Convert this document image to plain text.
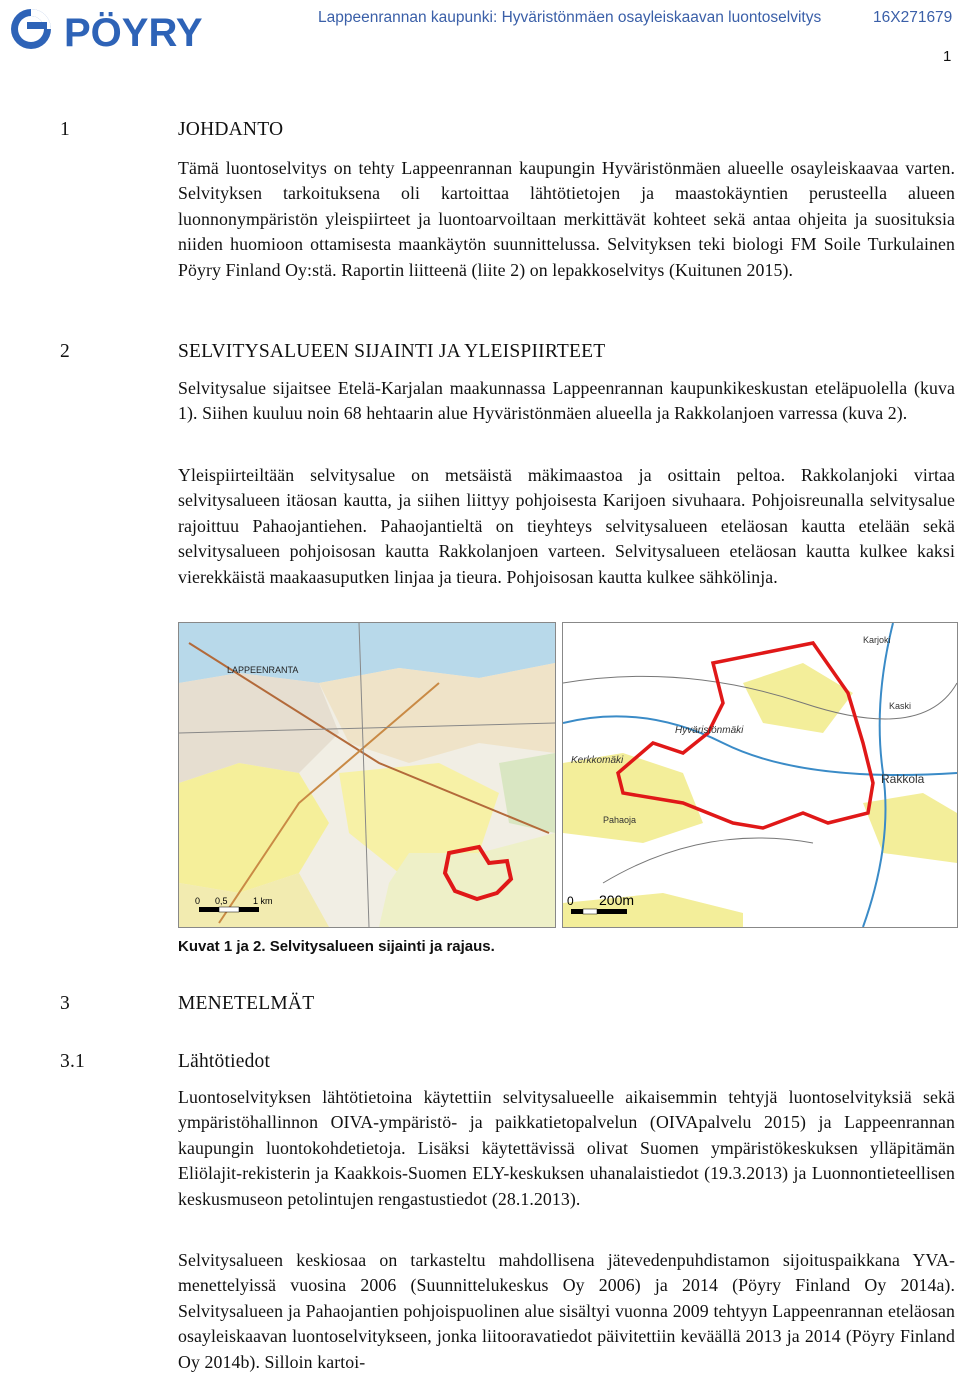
PÖYRY	Lappeenrannan kaupunki: Hyväristönmäen osayleiskaavan luontoselvitys	16X271679
1
1	JOHDANTO
Tämä luontoselvitys on tehty Lappeenrannan kaupungin Hyväristönmäen alueelle osayleiskaavaa varten. Selvityksen tarkoituksena oli kartoittaa lähtötietojen ja maastokäyntien perusteella alueen luonnonympäristön yleispiirteet ja luontoarvoiltaan merkittävät kohteet sekä antaa ohjeita ja suosituksia niiden huomioon ottamisesta maankäytön suunnittelussa. Selvityksen teki biologi FM Soile Turkulainen Pöyry Finland Oy:stä. Raportin liitteenä (liite 2) on lepakkoselvitys (Kuitunen 2015).
2	SELVITYSALUEEN SIJAINTI JA YLEISPIIRTEET
Selvitysalue sijaitsee Etelä-Karjalan maakunnassa Lappeenrannan kaupunkikeskustan eteläpuolella (kuva 1). Siihen kuuluu noin 68 hehtaarin alue Hyväristönmäen alueella ja Rakkolanjoen varressa (kuva 2).
Yleispiirteiltään selvitysalue on metsäistä mäkimaastoa ja osittain peltoa. Rakkolanjoki virtaa selvitysalueen itäosan kautta, ja siihen liittyy pohjoisesta Karijoen sivuhaara. Pohjoisreunalla selvitysalue rajoittuu Pahaojantiehen. Pahaojantieltä on tieyhteys selvitysalueen eteläosan kautta etelään sekä selvitysalueen pohjoisosan kautta Rakkolanjoen varteen. Selvitysalueen eteläosan kautta kulkee kaksi vierekkäistä maakaasuputken linjaa ja tieura. Pohjoisosan kautta kulkee sähkölinja.
LAPPEENRANTA
0 0,5	1 km
Hyväristönmäki
Kerkkomäki
Karjoki
Kaski
Rakkola
Pahaoja
0 200m
Kuvat 1 ja 2. Selvitysalueen sijainti ja rajaus.
3	MENETELMÄT
3.1	Lähtötiedot
Luontoselvityksen lähtötietoina käytettiin selvitysalueelle aikaisemmin tehtyjä luontoselvityksiä sekä ympäristöhallinnon OIVA-ympäristö- ja paikkatietopalvelun (OIVApalvelu 2015) ja Lappeenrannan kaupungin luontokohdetietoja. Lisäksi käytettävissä olivat Suomen ympäristökeskuksen ylläpitämän Eliölajit-rekisterin ja Kaakkois-Suomen ELY-keskuksen uhanalaistiedot (19.3.2013) ja Luonnontieteellisen keskusmuseon petolintujen rengastustiedot (28.1.2013).
Selvitysalueen keskiosaa on tarkasteltu mahdollisena jätevedenpuhdistamon sijoituspaikkana YVA-menettelyissä vuosina 2006 (Suunnittelukeskus Oy 2006) ja 2014 (Pöyry Finland Oy 2014a). Selvitysalueen ja Pahaojantien pohjoispuolinen alue sisältyi vuonna 2009 tehtyyn Lappeenrannan eteläosan osayleiskaavan luontoselvitykseen, jonka liitooravatiedot päivitettiin keväällä 2013 ja 2014 (Pöyry Finland Oy 2014b). Silloin kartoi-
